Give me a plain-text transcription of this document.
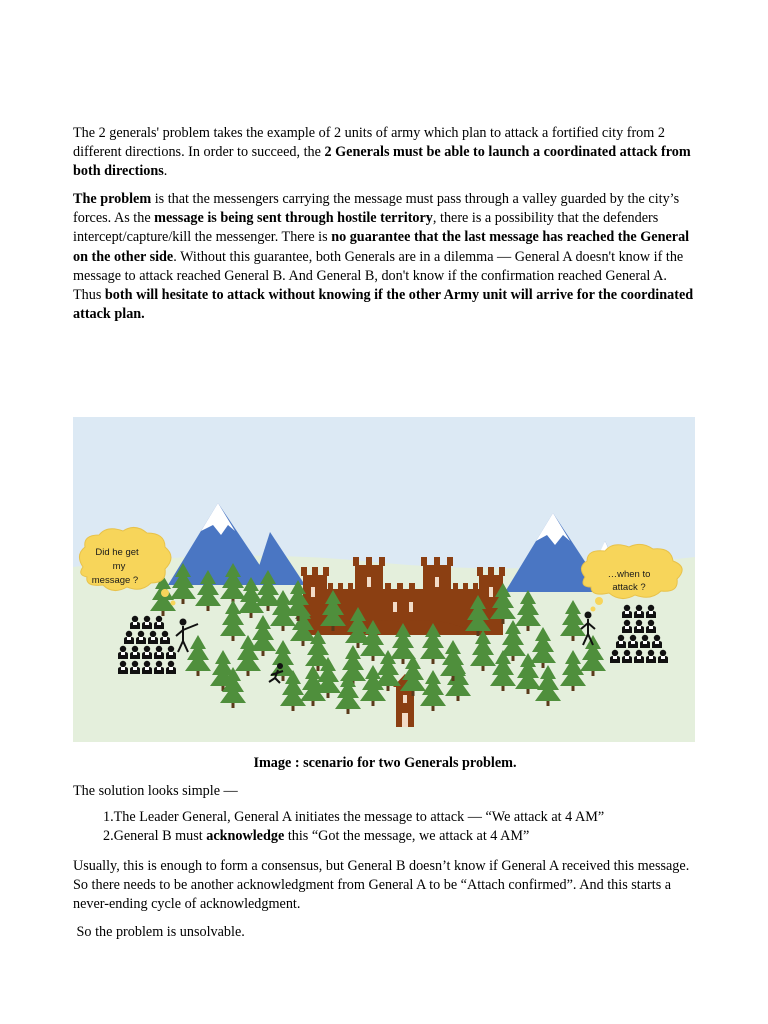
The 2 generals' problem takes the example of 2 units of army which plan to attack a fortified city from 2 different directions. In order to succeed, the 2 Generals must be able to launch a coordinated attack from both directions.

The problem is that the messengers carrying the message must pass through a valley guarded by the city’s forces. As the message is being sent through hostile territory, there is a possibility that the defenders intercept/capture/kill the messenger. There is no guarantee that the last message has reached the General on the other side. Without this guarantee, both Generals are in a dilemma — General A doesn't know if the message to attack reached General B. And General B, don't know if the confirmation reached General A. Thus both will hesitate to attack without knowing if the other Army unit will arrive for the coordinated attack plan.

Did he get
my
message ?
…when to
attack ?

Image : scenario for two Generals problem.

The solution looks simple —

1.The Leader General, General A initiates the message to attack — “We attack at 4 AM”
2.General B must acknowledge this “Got the message, we attack at 4 AM”

Usually, this is enough to form a consensus, but General B doesn’t know if General A received this message. So there needs to be another acknowledgment from General A to be “Attach confirmed”. And this starts a never-ending cycle of acknowledgment.

So the problem is unsolvable.
